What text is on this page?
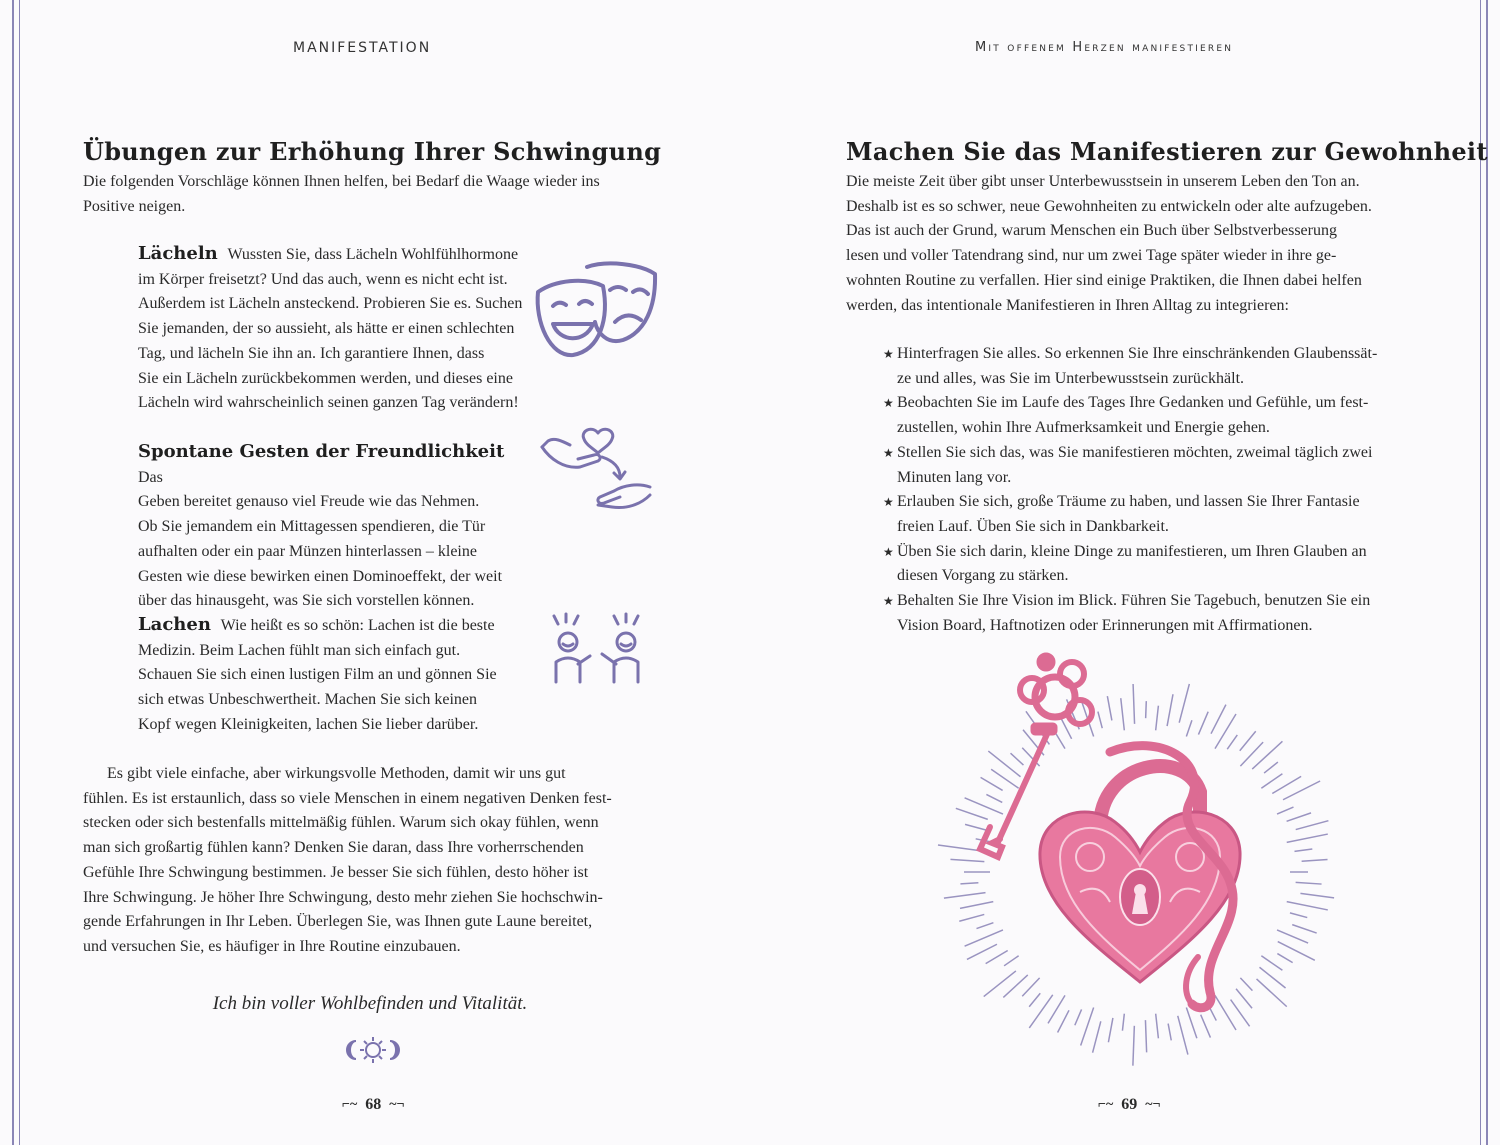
MANIFESTATION
Übungen zur Erhöhung Ihrer Schwingung
Die folgenden Vorschläge können Ihnen helfen, bei Bedarf die Waage wieder ins
Positive neigen.
Lächeln Wussten Sie, dass Lächeln Wohlfühlhormone
im Körper freisetzt? Und das auch, wenn es nicht echt ist.
Außerdem ist Lächeln ansteckend. Probieren Sie es. Suchen
Sie jemanden, der so aussieht, als hätte er einen schlechten
Tag, und lächeln Sie ihn an. Ich garantiere Ihnen, dass
Sie ein Lächeln zurückbekommen werden, und dieses eine
Lächeln wird wahrscheinlich seinen ganzen Tag verändern!
Spontane Gesten der Freundlichkeit Das
Geben bereitet genauso viel Freude wie das Nehmen.
Ob Sie jemandem ein Mittagessen spendieren, die Tür
aufhalten oder ein paar Münzen hinterlassen – kleine
Gesten wie diese bewirken einen Dominoeffekt, der weit
über das hinausgeht, was Sie sich vorstellen können.
Lachen Wie heißt es so schön: Lachen ist die beste
Medizin. Beim Lachen fühlt man sich einfach gut.
Schauen Sie sich einen lustigen Film an und gönnen Sie
sich etwas Unbeschwertheit. Machen Sie sich keinen
Kopf wegen Kleinigkeiten, lachen Sie lieber darüber.
Es gibt viele einfache, aber wirkungsvolle Methoden, damit wir uns gut
fühlen. Es ist erstaunlich, dass so viele Menschen in einem negativen Denken fest-
stecken oder sich bestenfalls mittelmäßig fühlen. Warum sich okay fühlen, wenn
man sich großartig fühlen kann? Denken Sie daran, dass Ihre vorherrschenden
Gefühle Ihre Schwingung bestimmen. Je besser Sie sich fühlen, desto höher ist
Ihre Schwingung. Je höher Ihre Schwingung, desto mehr ziehen Sie hochschwin-
gende Erfahrungen in Ihr Leben. Überlegen Sie, was Ihnen gute Laune bereitet,
und versuchen Sie, es häufiger in Ihre Routine einzubauen.

Ich bin voller Wohlbefinden und Vitalität.

⌐~ 68 ~¬
Mit offenem Herzen manifestieren
Machen Sie das Manifestieren zur Gewohnheit
Die meiste Zeit über gibt unser Unterbewusstsein in unserem Leben den Ton an.
Deshalb ist es so schwer, neue Gewohnheiten zu entwickeln oder alte aufzugeben.
Das ist auch der Grund, warum Menschen ein Buch über Selbstverbesserung
lesen und voller Tatendrang sind, nur um zwei Tage später wieder in ihre ge-
wohnten Routine zu verfallen. Hier sind einige Praktiken, die Ihnen dabei helfen
werden, das intentionale Manifestieren in Ihren Alltag zu integrieren:
★ Hinterfragen Sie alles. So erkennen Sie Ihre einschränkenden Glaubenssät-
ze und alles, was Sie im Unterbewusstsein zurückhält.
★ Beobachten Sie im Laufe des Tages Ihre Gedanken und Gefühle, um fest-
zustellen, wohin Ihre Aufmerksamkeit und Energie gehen.
★ Stellen Sie sich das, was Sie manifestieren möchten, zweimal täglich zwei
Minuten lang vor.
★ Erlauben Sie sich, große Träume zu haben, und lassen Sie Ihrer Fantasie
freien Lauf. Üben Sie sich in Dankbarkeit.
★ Üben Sie sich darin, kleine Dinge zu manifestieren, um Ihren Glauben an
diesen Vorgang zu stärken.
★ Behalten Sie Ihre Vision im Blick. Führen Sie Tagebuch, benutzen Sie ein
Vision Board, Haftnotizen oder Erinnerungen mit Affirmationen.
⌐~ 69 ~¬
